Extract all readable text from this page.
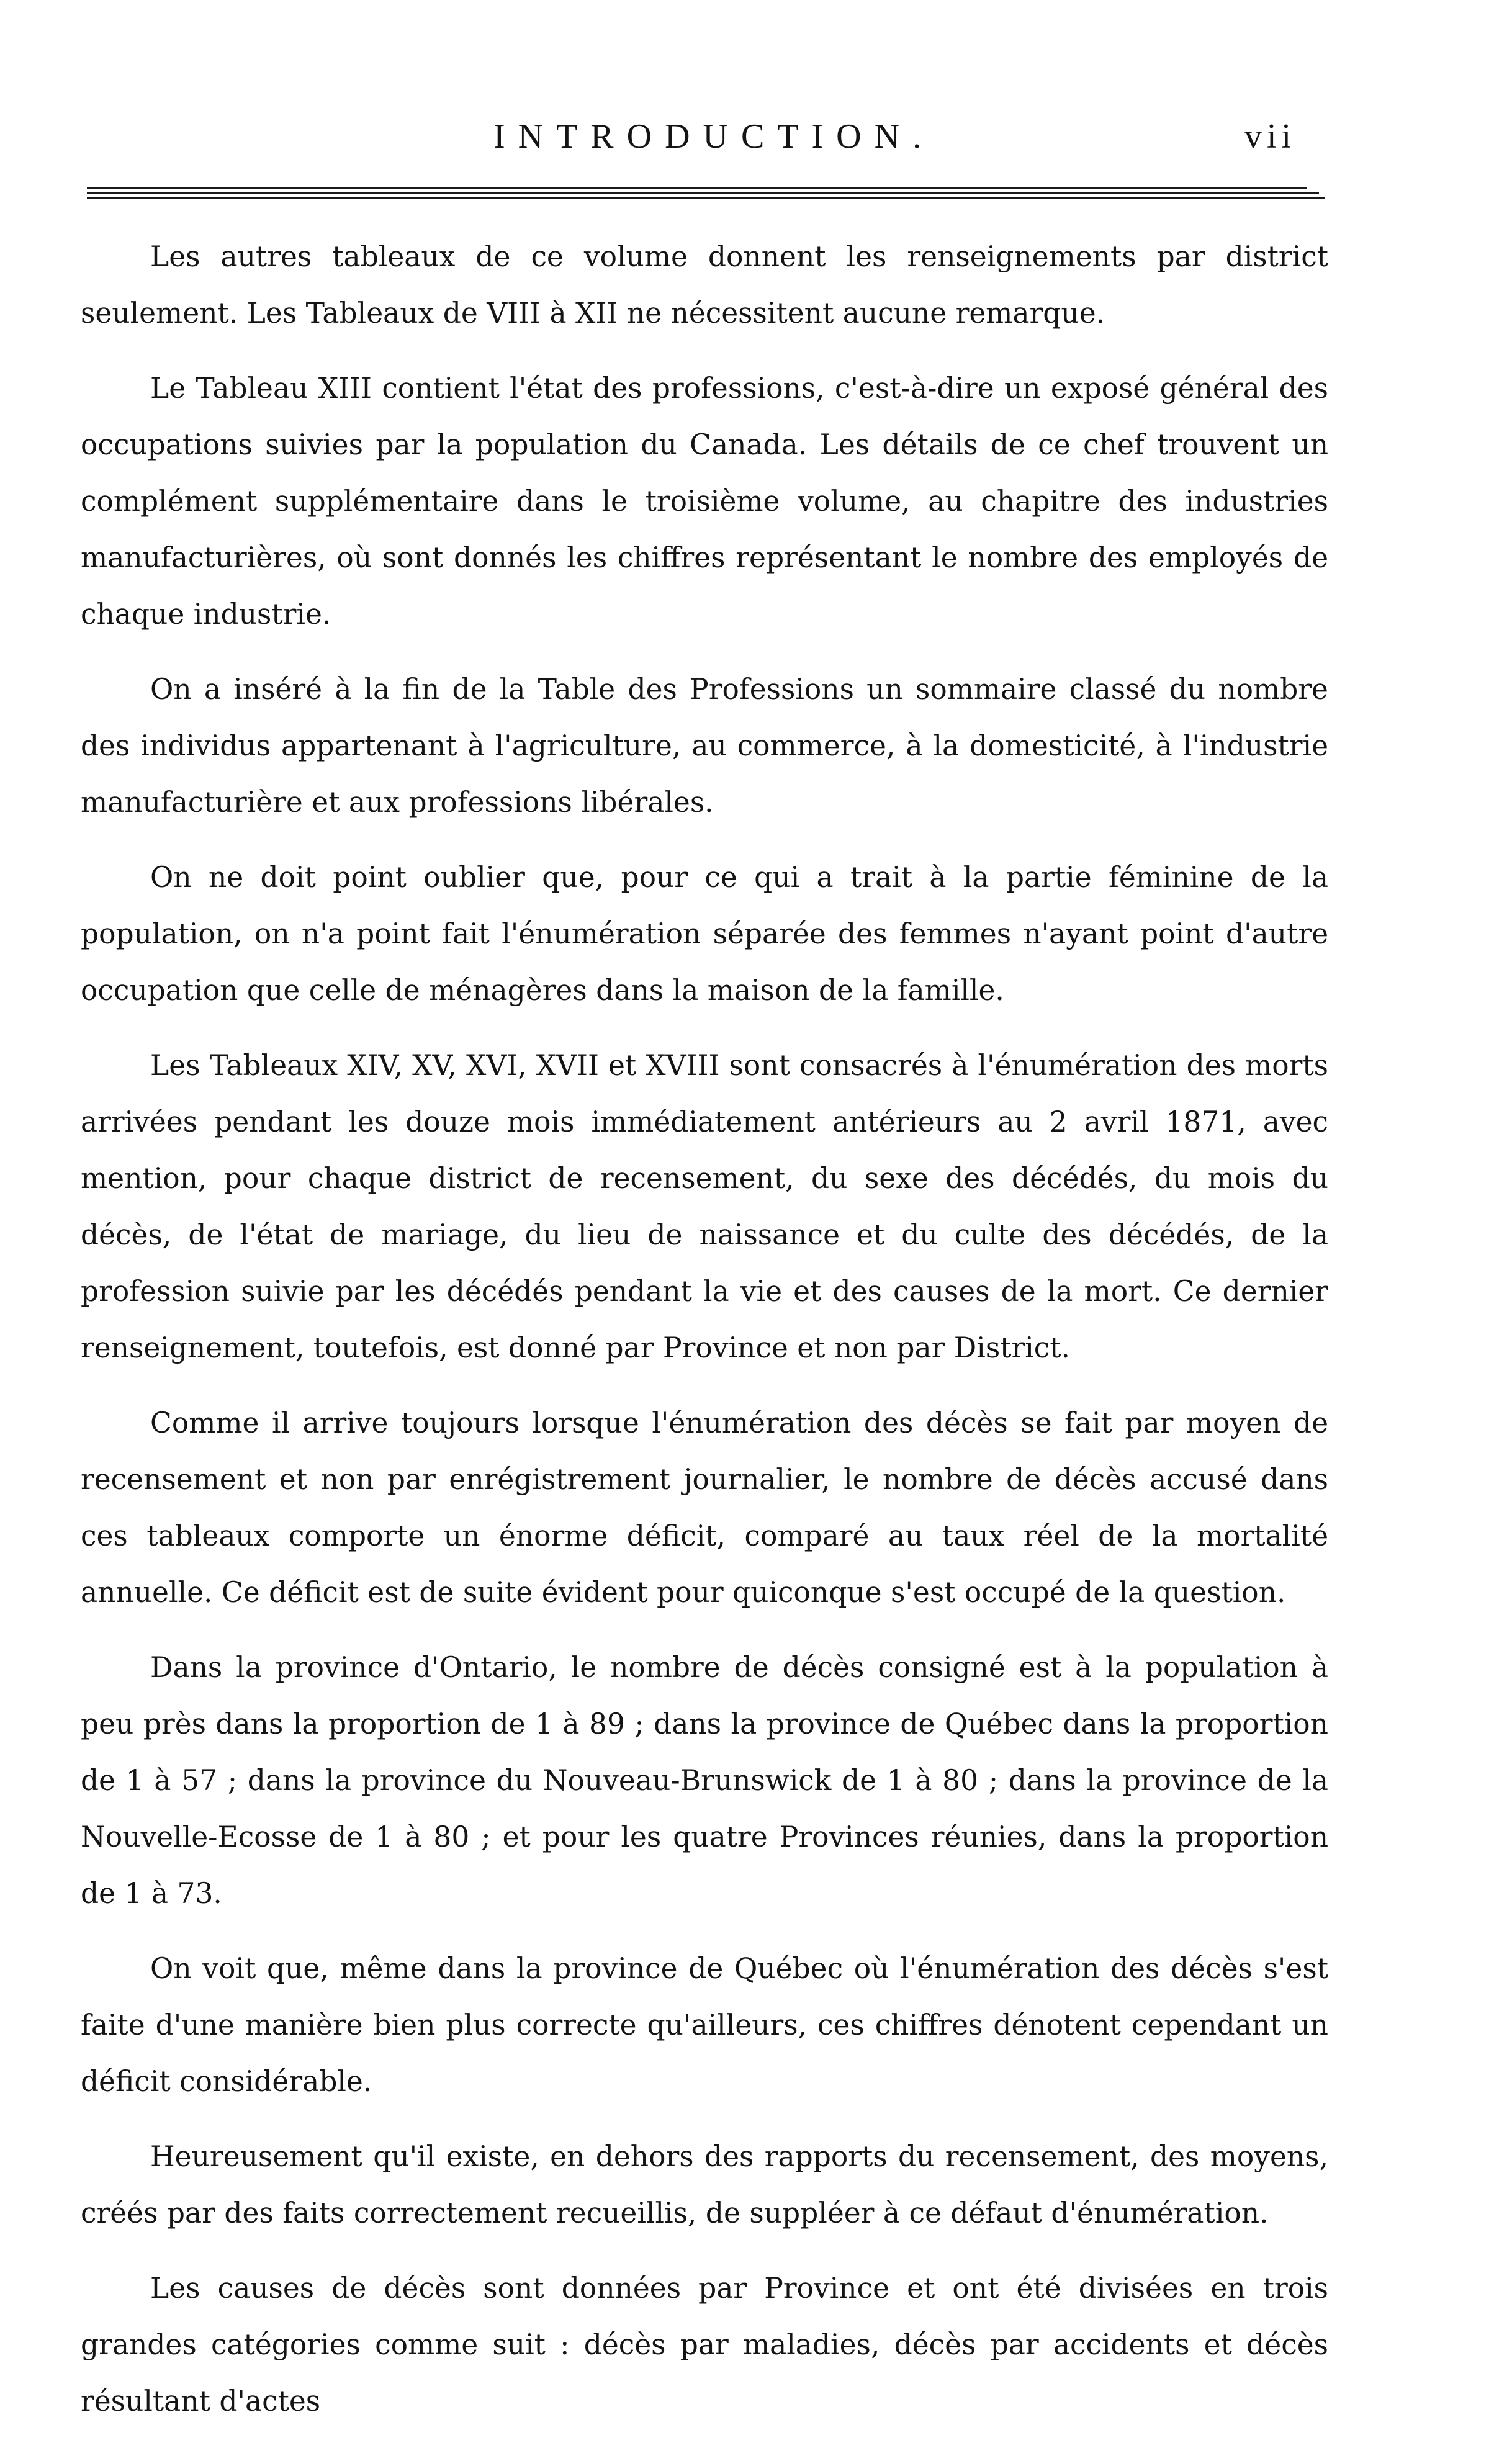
INTRODUCTION.	vii

Les autres tableaux de ce volume donnent les renseignements par district seulement. Les Tableaux de VIII à XII ne nécessitent aucune remarque.

Le Tableau XIII contient l'état des professions, c'est-à-dire un exposé général des occupations suivies par la population du Canada. Les détails de ce chef trouvent un complément supplémentaire dans le troisième volume, au chapitre des industries manufacturières, où sont donnés les chiffres représentant le nombre des employés de chaque industrie.

On a inséré à la fin de la Table des Professions un sommaire classé du nombre des individus appartenant à l'agriculture, au commerce, à la domesticité, à l'industrie manufacturière et aux professions libérales.

On ne doit point oublier que, pour ce qui a trait à la partie féminine de la population, on n'a point fait l'énumération séparée des femmes n'ayant point d'autre occupation que celle de ménagères dans la maison de la famille.

Les Tableaux XIV, XV, XVI, XVII et XVIII sont consacrés à l'énumération des morts arrivées pendant les douze mois immédiatement antérieurs au 2 avril 1871, avec mention, pour chaque district de recensement, du sexe des décédés, du mois du décès, de l'état de mariage, du lieu de naissance et du culte des décédés, de la profession suivie par les décédés pendant la vie et des causes de la mort. Ce dernier renseignement, toutefois, est donné par Province et non par District.

Comme il arrive toujours lorsque l'énumération des décès se fait par moyen de recensement et non par enrégistrement journalier, le nombre de décès accusé dans ces tableaux comporte un énorme déficit, comparé au taux réel de la mortalité annuelle. Ce déficit est de suite évident pour quiconque s'est occupé de la question.

Dans la province d'Ontario, le nombre de décès consigné est à la population à peu près dans la proportion de 1 à 89 ; dans la province de Québec dans la proportion de 1 à 57 ; dans la province du Nouveau-Brunswick de 1 à 80 ; dans la province de la Nouvelle-Ecosse de 1 à 80 ; et pour les quatre Provinces réunies, dans la proportion de 1 à 73.

On voit que, même dans la province de Québec où l'énumération des décès s'est faite d'une manière bien plus correcte qu'ailleurs, ces chiffres dénotent cependant un déficit considérable.

Heureusement qu'il existe, en dehors des rapports du recensement, des moyens, créés par des faits correctement recueillis, de suppléer à ce défaut d'énumération.

Les causes de décès sont données par Province et ont été divisées en trois grandes catégories comme suit : décès par maladies, décès par accidents et décès résultant d'actes
